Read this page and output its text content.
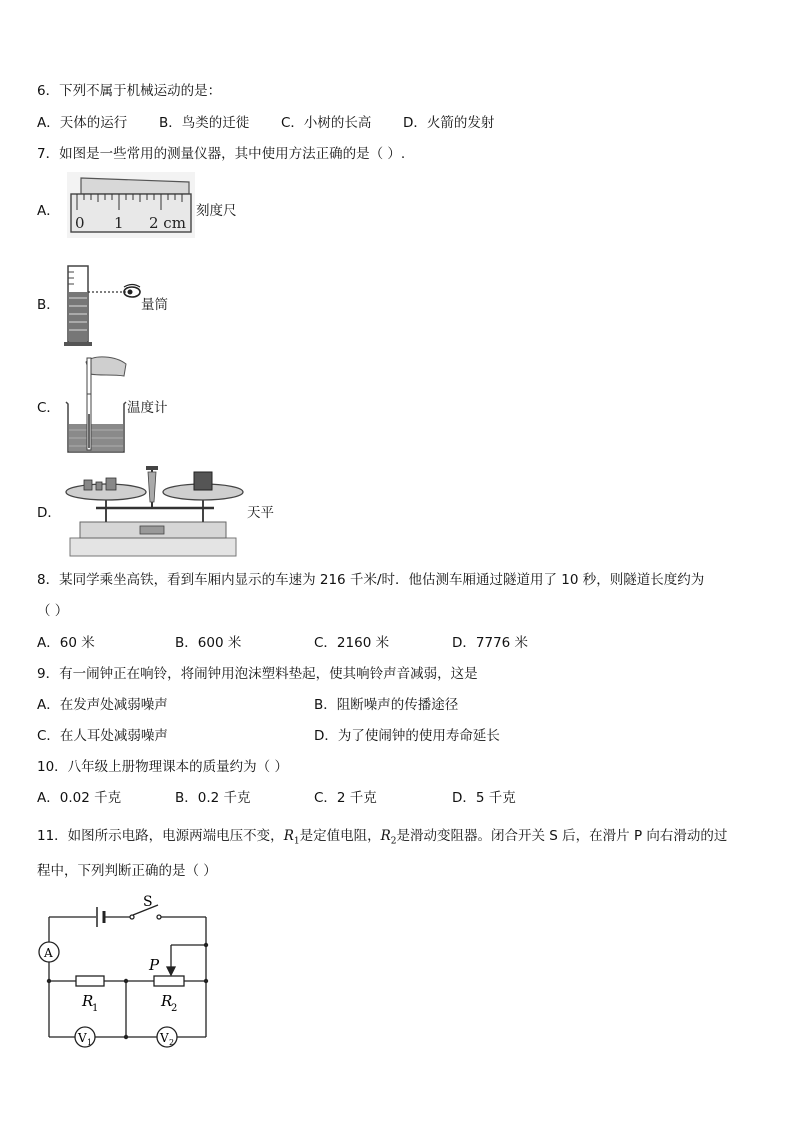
6．下列不属于机械运动的是：
A．天体的运行 B．鸟类的迁徙 C．小树的长高 D．火箭的发射
7．如图是一些常用的测量仪器，其中使用方法正确的是（ ）.
A．
0 1 2 cm
刻度尺
B．	量筒
C．	温度计
D．	天平
8．某同学乘坐高铁，看到车厢内显示的车速为 216 千米/时．他估测车厢通过隧道用了 10 秒，则隧道长度约为
（ ）
A．60 米	B．600 米	C．2160 米	D．7776 米
9．有一闹钟正在响铃，将闹钟用泡沫塑料垫起，使其响铃声音减弱，这是
A．在发声处减弱噪声	B．阻断噪声的传播途径
C．在人耳处减弱噪声	D．为了使闹钟的使用寿命延长
10．八年级上册物理课本的质量约为（ ）
A．0.02 千克	B．0.2 千克	C．2 千克	D．5 千克
11．如图所示电路，电源两端电压不变，$R_1$是定值电阻，$R_2$是滑动变阻器。闭合开关 S 后，在滑片 P 向右滑动的过
程中，下列判断正确的是（ ）
S
A
P
R
1	R
2
V 1	V 2
